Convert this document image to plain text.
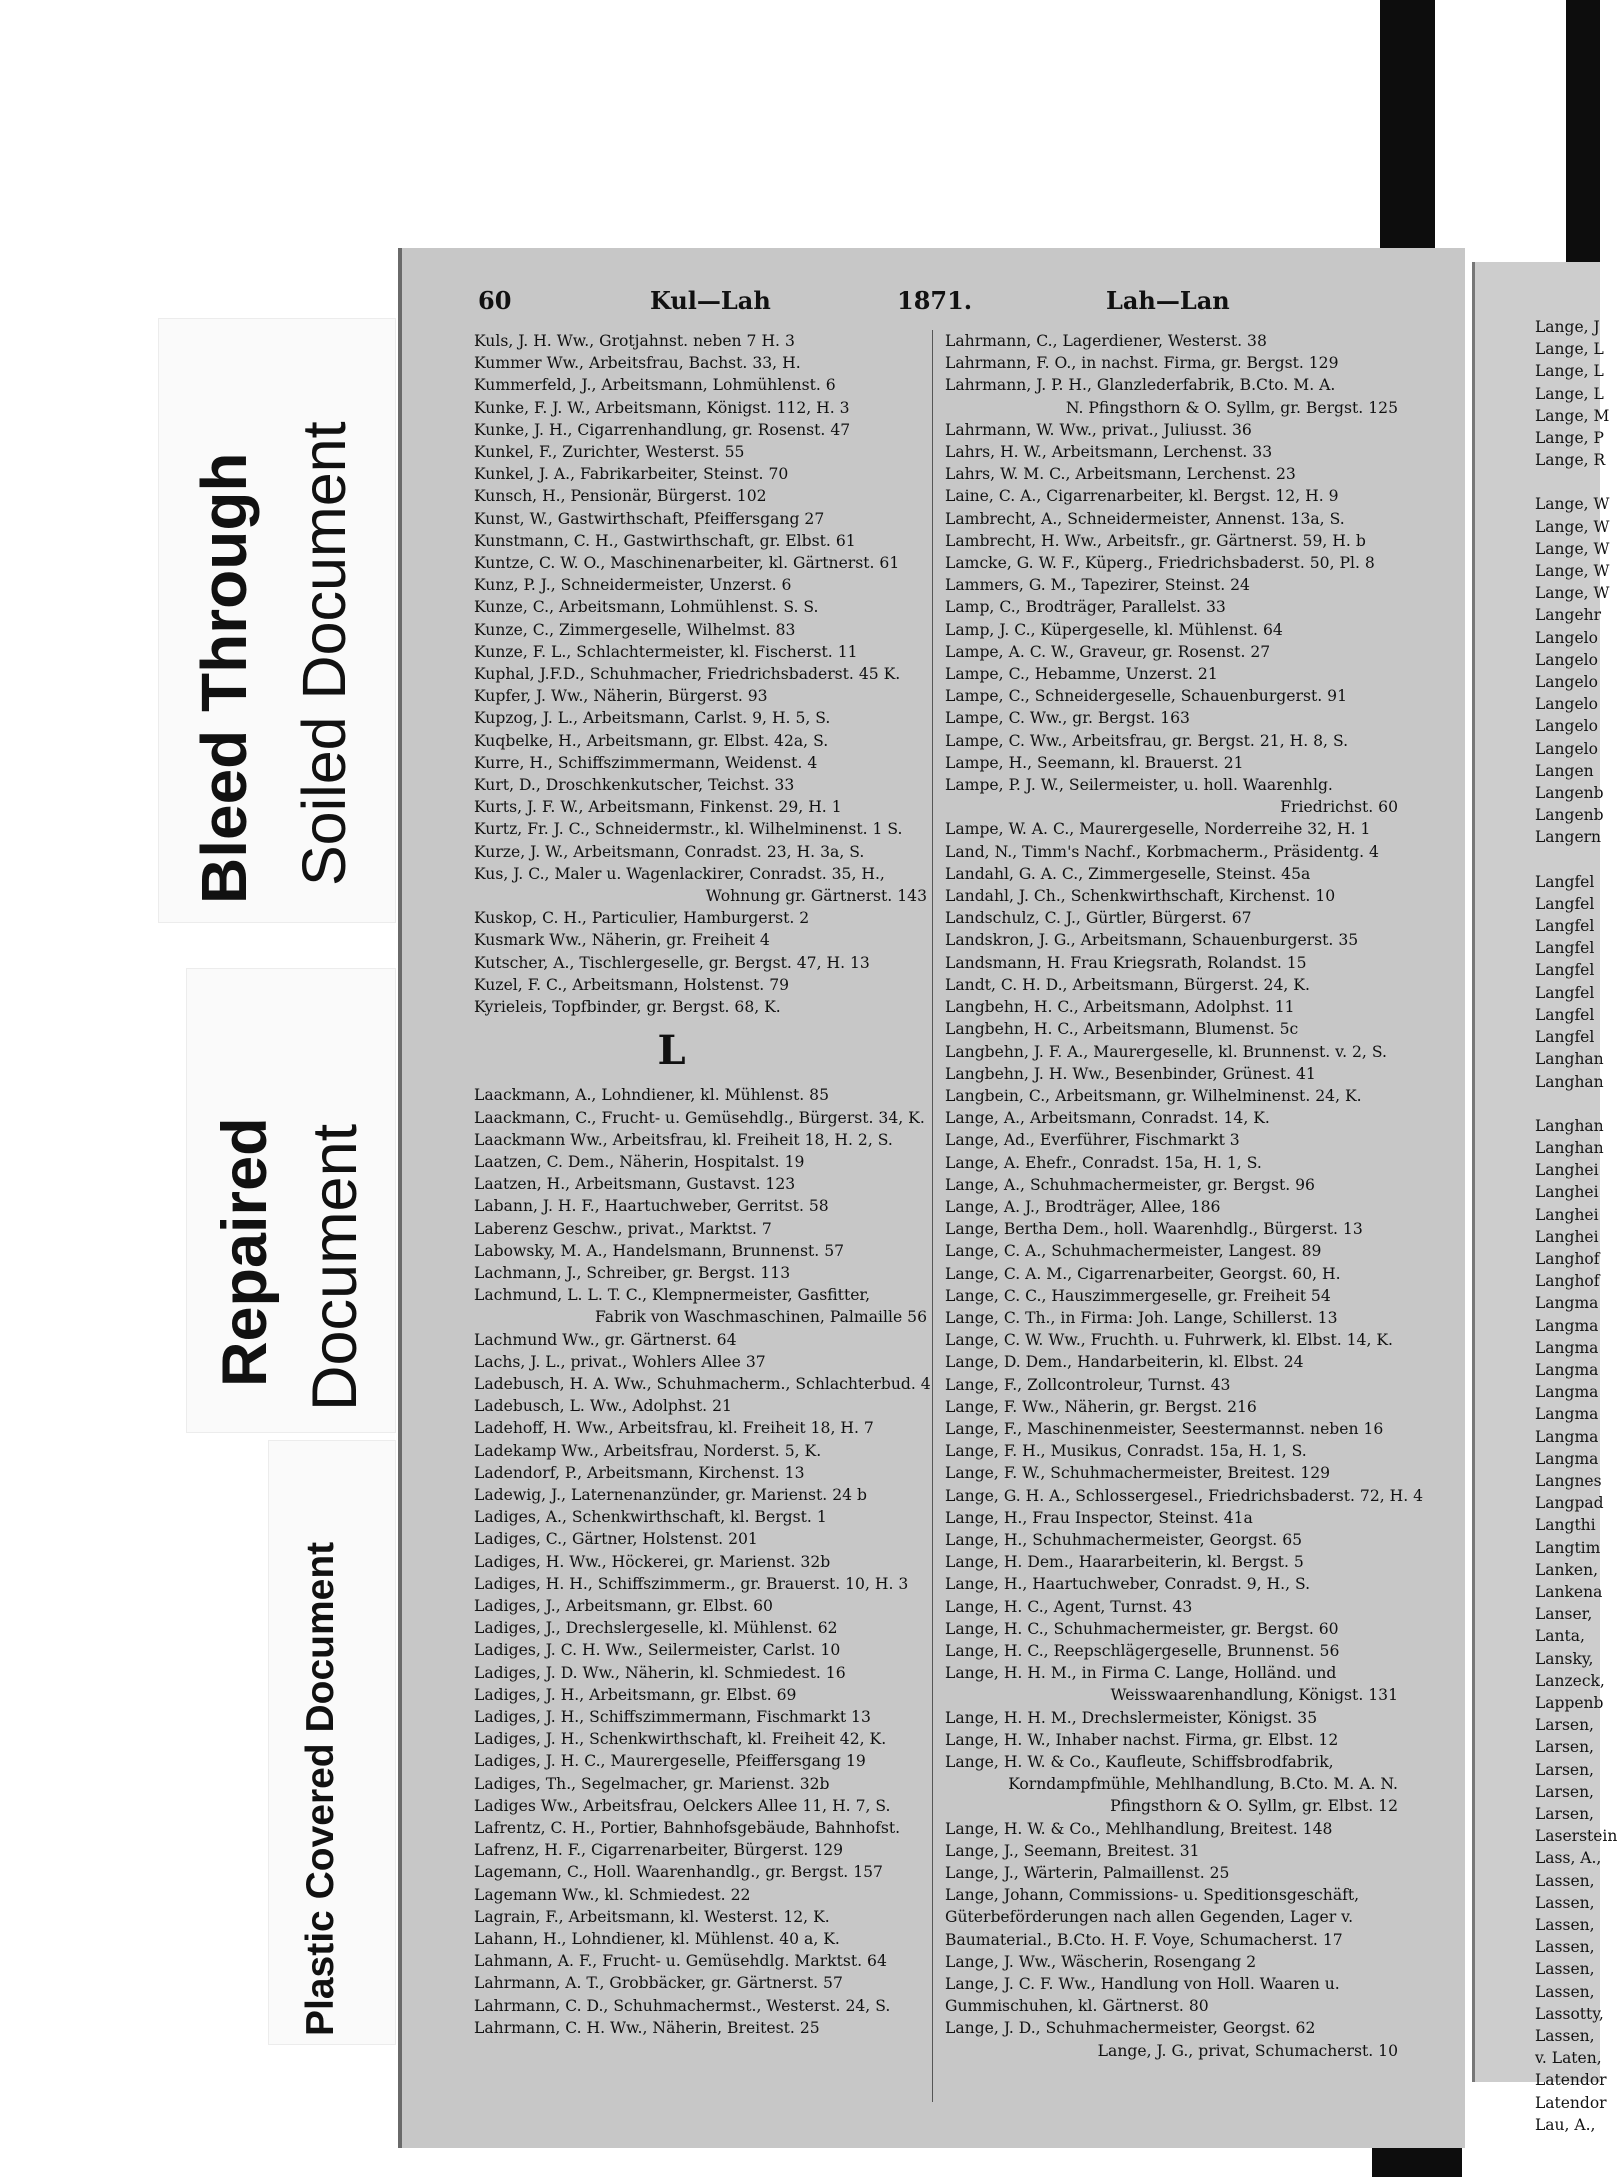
Bleed Through Soiled Document
Repaired Document
Plastic Covered Document
60	Kul—Lah	1871.	Lah—Lan
Kuls, J. H. Ww., Grotjahnst. neben 7 H. 3
Kummer Ww., Arbeitsfrau, Bachst. 33, H.
Kummerfeld, J., Arbeitsmann, Lohmühlenst. 6
Kunke, F. J. W., Arbeitsmann, Königst. 112, H. 3
Kunke, J. H., Cigarrenhandlung, gr. Rosenst. 47
Kunkel, F., Zurichter, Westerst. 55
Kunkel, J. A., Fabrikarbeiter, Steinst. 70
Kunsch, H., Pensionär, Bürgerst. 102
Kunst, W., Gastwirthschaft, Pfeiffersgang 27
Kunstmann, C. H., Gastwirthschaft, gr. Elbst. 61
Kuntze, C. W. O., Maschinenarbeiter, kl. Gärtnerst. 61
Kunz, P. J., Schneidermeister, Unzerst. 6
Kunze, C., Arbeitsmann, Lohmühlenst. S. S.
Kunze, C., Zimmergeselle, Wilhelmst. 83
Kunze, F. L., Schlachtermeister, kl. Fischerst. 11
Kuphal, J.F.D., Schuhmacher, Friedrichsbaderst. 45 K.
Kupfer, J. Ww., Näherin, Bürgerst. 93
Kupzog, J. L., Arbeitsmann, Carlst. 9, H. 5, S.
Kuqbelke, H., Arbeitsmann, gr. Elbst. 42a, S.
Kurre, H., Schiffszimmermann, Weidenst. 4
Kurt, D., Droschkenkutscher, Teichst. 33
Kurts, J. F. W., Arbeitsmann, Finkenst. 29, H. 1
Kurtz, Fr. J. C., Schneidermstr., kl. Wilhelminenst. 1 S.
Kurze, J. W., Arbeitsmann, Conradst. 23, H. 3a, S.
Kus, J. C., Maler u. Wagenlackirer, Conradst. 35, H.,
Wohnung gr. Gärtnerst. 143
Kuskop, C. H., Particulier, Hamburgerst. 2
Kusmark Ww., Näherin, gr. Freiheit 4
Kutscher, A., Tischlergeselle, gr. Bergst. 47, H. 13
Kuzel, F. C., Arbeitsmann, Holstenst. 79
Kyrieleis, Topfbinder, gr. Bergst. 68, K.
L
Laackmann, A., Lohndiener, kl. Mühlenst. 85
Laackmann, C., Frucht- u. Gemüsehdlg., Bürgerst. 34, K.
Laackmann Ww., Arbeitsfrau, kl. Freiheit 18, H. 2, S.
Laatzen, C. Dem., Näherin, Hospitalst. 19
Laatzen, H., Arbeitsmann, Gustavst. 123
Labann, J. H. F., Haartuchweber, Gerritst. 58
Laberenz Geschw., privat., Marktst. 7
Labowsky, M. A., Handelsmann, Brunnenst. 57
Lachmann, J., Schreiber, gr. Bergst. 113
Lachmund, L. L. T. C., Klempnermeister, Gasfitter,
Fabrik von Waschmaschinen, Palmaille 56
Lachmund Ww., gr. Gärtnerst. 64
Lachs, J. L., privat., Wohlers Allee 37
Ladebusch, H. A. Ww., Schuhmacherm., Schlachterbud. 4
Ladebusch, L. Ww., Adolphst. 21
Ladehoff, H. Ww., Arbeitsfrau, kl. Freiheit 18, H. 7
Ladekamp Ww., Arbeitsfrau, Norderst. 5, K.
Ladendorf, P., Arbeitsmann, Kirchenst. 13
Ladewig, J., Laternenanzünder, gr. Marienst. 24 b
Ladiges, A., Schenkwirthschaft, kl. Bergst. 1
Ladiges, C., Gärtner, Holstenst. 201
Ladiges, H. Ww., Höckerei, gr. Marienst. 32b
Ladiges, H. H., Schiffszimmerm., gr. Brauerst. 10, H. 3
Ladiges, J., Arbeitsmann, gr. Elbst. 60
Ladiges, J., Drechslergeselle, kl. Mühlenst. 62
Ladiges, J. C. H. Ww., Seilermeister, Carlst. 10
Ladiges, J. D. Ww., Näherin, kl. Schmiedest. 16
Ladiges, J. H., Arbeitsmann, gr. Elbst. 69
Ladiges, J. H., Schiffszimmermann, Fischmarkt 13
Ladiges, J. H., Schenkwirthschaft, kl. Freiheit 42, K.
Ladiges, J. H. C., Maurergeselle, Pfeiffersgang 19
Ladiges, Th., Segelmacher, gr. Marienst. 32b
Ladiges Ww., Arbeitsfrau, Oelckers Allee 11, H. 7, S.
Lafrentz, C. H., Portier, Bahnhofsgebäude, Bahnhofst.
Lafrenz, H. F., Cigarrenarbeiter, Bürgerst. 129
Lagemann, C., Holl. Waarenhandlg., gr. Bergst. 157
Lagemann Ww., kl. Schmiedest. 22
Lagrain, F., Arbeitsmann, kl. Westerst. 12, K.
Lahann, H., Lohndiener, kl. Mühlenst. 40 a, K.
Lahmann, A. F., Frucht- u. Gemüsehdlg. Marktst. 64
Lahrmann, A. T., Grobbäcker, gr. Gärtnerst. 57
Lahrmann, C. D., Schuhmachermst., Westerst. 24, S.
Lahrmann, C. H. Ww., Näherin, Breitest. 25
Lahrmann, C., Lagerdiener, Westerst. 38
Lahrmann, F. O., in nachst. Firma, gr. Bergst. 129
Lahrmann, J. P. H., Glanzlederfabrik, B.Cto. M. A.
N. Pfingsthorn & O. Syllm, gr. Bergst. 125
Lahrmann, W. Ww., privat., Juliusst. 36
Lahrs, H. W., Arbeitsmann, Lerchenst. 33
Lahrs, W. M. C., Arbeitsmann, Lerchenst. 23
Laine, C. A., Cigarrenarbeiter, kl. Bergst. 12, H. 9
Lambrecht, A., Schneidermeister, Annenst. 13a, S.
Lambrecht, H. Ww., Arbeitsfr., gr. Gärtnerst. 59, H. b
Lamcke, G. W. F., Küperg., Friedrichsbaderst. 50, Pl. 8
Lammers, G. M., Tapezirer, Steinst. 24
Lamp, C., Brodträger, Parallelst. 33
Lamp, J. C., Küpergeselle, kl. Mühlenst. 64
Lampe, A. C. W., Graveur, gr. Rosenst. 27
Lampe, C., Hebamme, Unzerst. 21
Lampe, C., Schneidergeselle, Schauenburgerst. 91
Lampe, C. Ww., gr. Bergst. 163
Lampe, C. Ww., Arbeitsfrau, gr. Bergst. 21, H. 8, S.
Lampe, H., Seemann, kl. Brauerst. 21
Lampe, P. J. W., Seilermeister, u. holl. Waarenhlg.
Friedrichst. 60
Lampe, W. A. C., Maurergeselle, Norderreihe 32, H. 1
Land, N., Timm's Nachf., Korbmacherm., Präsidentg. 4
Landahl, G. A. C., Zimmergeselle, Steinst. 45a
Landahl, J. Ch., Schenkwirthschaft, Kirchenst. 10
Landschulz, C. J., Gürtler, Bürgerst. 67
Landskron, J. G., Arbeitsmann, Schauenburgerst. 35
Landsmann, H. Frau Kriegsrath, Rolandst. 15
Landt, C. H. D., Arbeitsmann, Bürgerst. 24, K.
Langbehn, H. C., Arbeitsmann, Adolphst. 11
Langbehn, H. C., Arbeitsmann, Blumenst. 5c
Langbehn, J. F. A., Maurergeselle, kl. Brunnenst. v. 2, S.
Langbehn, J. H. Ww., Besenbinder, Grünest. 41
Langbein, C., Arbeitsmann, gr. Wilhelminenst. 24, K.
Lange, A., Arbeitsmann, Conradst. 14, K.
Lange, Ad., Everführer, Fischmarkt 3
Lange, A. Ehefr., Conradst. 15a, H. 1, S.
Lange, A., Schuhmachermeister, gr. Bergst. 96
Lange, A. J., Brodträger, Allee, 186
Lange, Bertha Dem., holl. Waarenhdlg., Bürgerst. 13
Lange, C. A., Schuhmachermeister, Langest. 89
Lange, C. A. M., Cigarrenarbeiter, Georgst. 60, H.
Lange, C. C., Hauszimmergeselle, gr. Freiheit 54
Lange, C. Th., in Firma: Joh. Lange, Schillerst. 13
Lange, C. W. Ww., Fruchth. u. Fuhrwerk, kl. Elbst. 14, K.
Lange, D. Dem., Handarbeiterin, kl. Elbst. 24
Lange, F., Zollcontroleur, Turnst. 43
Lange, F. Ww., Näherin, gr. Bergst. 216
Lange, F., Maschinenmeister, Seestermannst. neben 16
Lange, F. H., Musikus, Conradst. 15a, H. 1, S.
Lange, F. W., Schuhmachermeister, Breitest. 129
Lange, G. H. A., Schlossergesel., Friedrichsbaderst. 72, H. 4
Lange, H., Frau Inspector, Steinst. 41a
Lange, H., Schuhmachermeister, Georgst. 65
Lange, H. Dem., Haararbeiterin, kl. Bergst. 5
Lange, H., Haartuchweber, Conradst. 9, H., S.
Lange, H. C., Agent, Turnst. 43
Lange, H. C., Schuhmachermeister, gr. Bergst. 60
Lange, H. C., Reepschlägergeselle, Brunnenst. 56
Lange, H. H. M., in Firma C. Lange, Holländ. und
Weisswaarenhandlung, Königst. 131
Lange, H. H. M., Drechslermeister, Königst. 35
Lange, H. W., Inhaber nachst. Firma, gr. Elbst. 12
Lange, H. W. & Co., Kaufleute, Schiffsbrodfabrik,
Korndampfmühle, Mehlhandlung, B.Cto. M. A. N.
Pfingsthorn & O. Syllm, gr. Elbst. 12
Lange, H. W. & Co., Mehlhandlung, Breitest. 148
Lange, J., Seemann, Breitest. 31
Lange, J., Wärterin, Palmaillenst. 25
Lange, Johann, Commissions- u. Speditionsgeschäft,
Güterbeförderungen nach allen Gegenden, Lager v.
Baumaterial., B.Cto. H. F. Voye, Schumacherst. 17
Lange, J. Ww., Wäscherin, Rosengang 2
Lange, J. C. F. Ww., Handlung von Holl. Waaren u.
Gummischuhen, kl. Gärtnerst. 80
Lange, J. D., Schuhmachermeister, Georgst. 62
Lange, J. G., privat, Schumacherst. 10
Lange, J
Lange, L
Lange, L
Lange, L
Lange, M
Lange, P
Lange, R
Lange, W
Lange, W
Lange, W
Lange, W
Lange, W
Langehr
Langelo
Langelo
Langelo
Langelo
Langelo
Langelo
Langen
Langenb
Langenb
Langern
Langfel
Langfel
Langfel
Langfel
Langfel
Langfel
Langfel
Langfel
Langhan
Langhan
Langhan
Langhan
Langhei
Langhei
Langhei
Langhei
Langhof
Langhof
Langma
Langma
Langma
Langma
Langma
Langma
Langma
Langma
Langnes
Langpad
Langthi
Langtim
Lanken,
Lankena
Lanser,
Lanta,
Lansky,
Lanzeck,
Lappenb
Larsen,
Larsen,
Larsen,
Larsen,
Larsen,
Laserstein
Lass, A.,
Lassen,
Lassen,
Lassen,
Lassen,
Lassen,
Lassen,
Lassotty,
Lassen,
v. Laten,
Latendor
Latendor
Lau, A.,
